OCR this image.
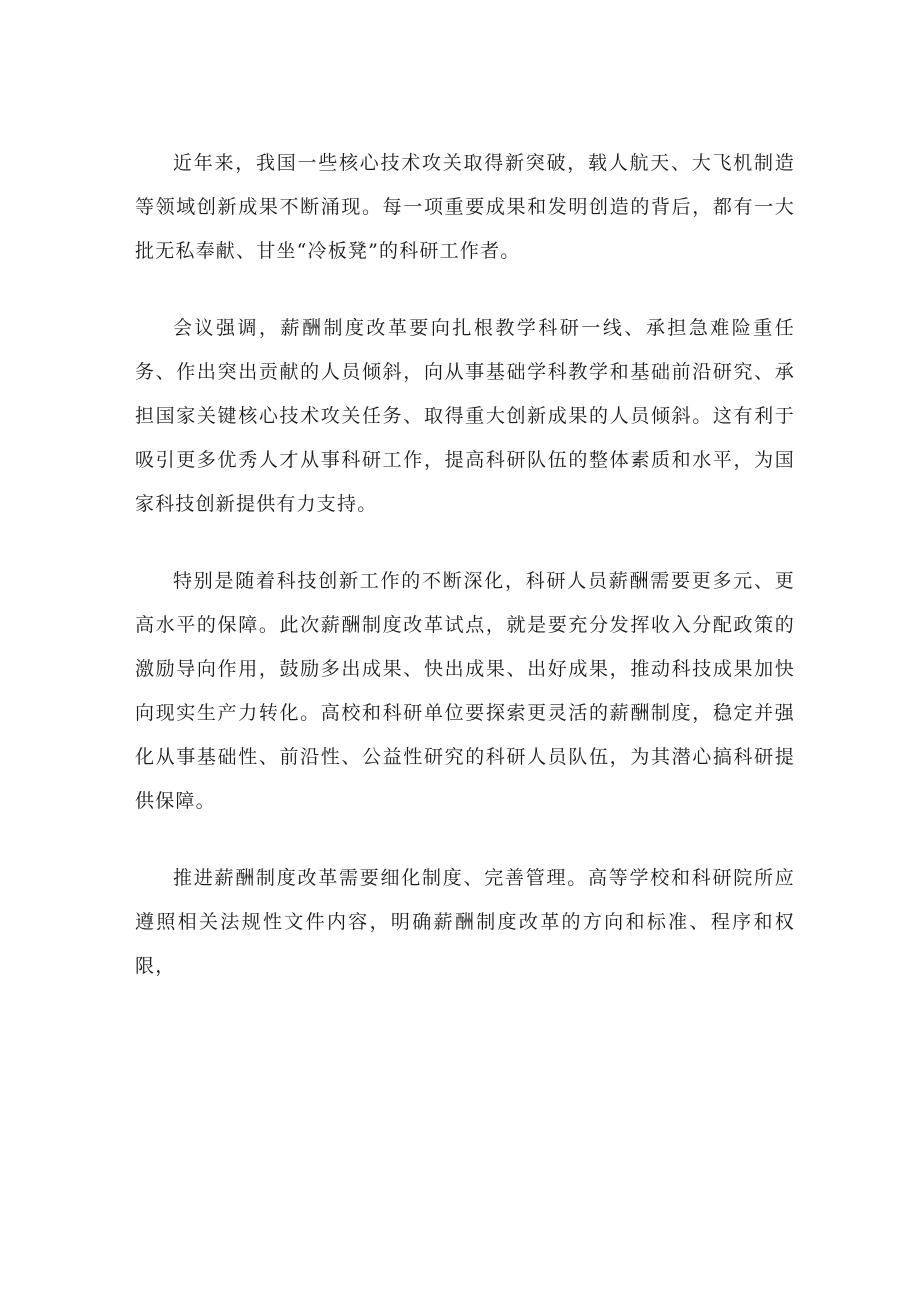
近年来，我国一些核心技术攻关取得新突破，载人航天、大飞机制造等领域创新成果不断涌现。每一项重要成果和发明创造的背后，都有一大批无私奉献、甘坐“冷板凳”的科研工作者。

会议强调，薪酬制度改革要向扎根教学科研一线、承担急难险重任务、作出突出贡献的人员倾斜，向从事基础学科教学和基础前沿研究、承担国家关键核心技术攻关任务、取得重大创新成果的人员倾斜。这有利于吸引更多优秀人才从事科研工作，提高科研队伍的整体素质和水平，为国家科技创新提供有力支持。

特别是随着科技创新工作的不断深化，科研人员薪酬需要更多元、更高水平的保障。此次薪酬制度改革试点，就是要充分发挥收入分配政策的激励导向作用，鼓励多出成果、快出成果、出好成果，推动科技成果加快向现实生产力转化。高校和科研单位要探索更灵活的薪酬制度，稳定并强化从事基础性、前沿性、公益性研究的科研人员队伍，为其潜心搞科研提供保障。

推进薪酬制度改革需要细化制度、完善管理。高等学校和科研院所应遵照相关法规性文件内容，明确薪酬制度改革的方向和标准、程序和权限，
